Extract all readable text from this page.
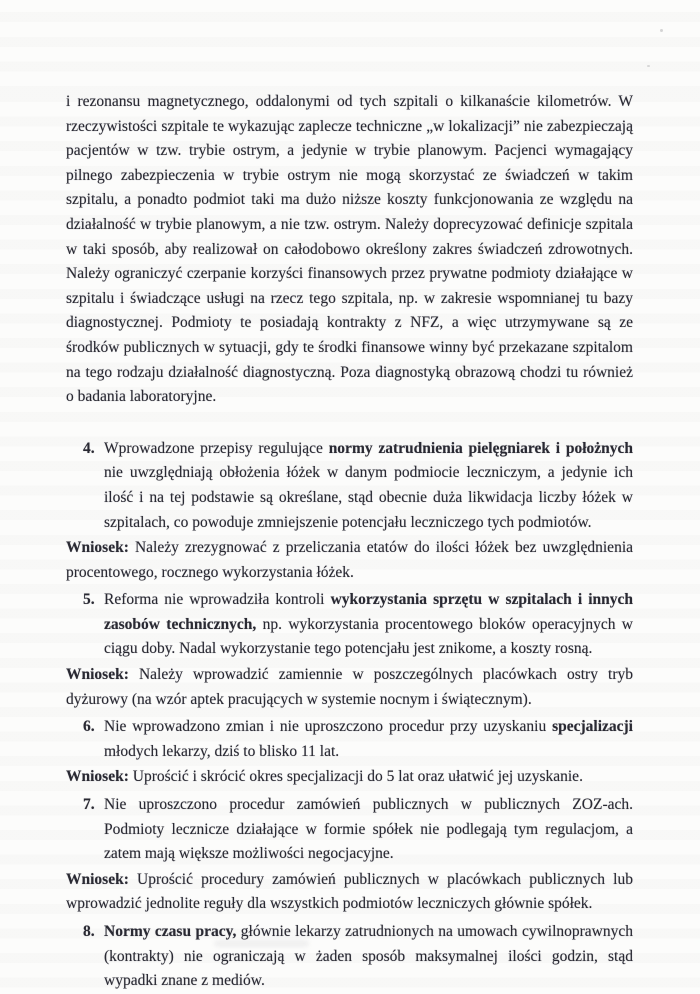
i rezonansu magnetycznego, oddalonymi od tych szpitali o kilkanaście kilometrów. W rzeczywistości szpitale te wykazując zaplecze techniczne „w lokalizacji” nie zabezpieczają pacjentów w tzw. trybie ostrym, a jedynie w trybie planowym. Pacjenci wymagający pilnego zabezpieczenia w trybie ostrym nie mogą skorzystać ze świadczeń w takim szpitalu, a ponadto podmiot taki ma dużo niższe koszty funkcjonowania ze względu na działalność w trybie planowym, a nie tzw. ostrym. Należy doprecyzować definicje szpitala w taki sposób, aby realizował on całodobowo określony zakres świadczeń zdrowotnych. Należy ograniczyć czerpanie korzyści finansowych przez prywatne podmioty działające w szpitalu i świadczące usługi na rzecz tego szpitala, np. w zakresie wspomnianej tu bazy diagnostycznej. Podmioty te posiadają kontrakty z NFZ, a więc utrzymywane są ze środków publicznych w sytuacji, gdy te środki finansowe winny być przekazane szpitalom na tego rodzaju działalność diagnostyczną. Poza diagnostyką obrazową chodzi tu również o badania laboratoryjne.

4. Wprowadzone przepisy regulujące normy zatrudnienia pielęgniarek i położnych nie uwzględniają obłożenia łóżek w danym podmiocie leczniczym, a jedynie ich ilość i na tej podstawie są określane, stąd obecnie duża likwidacja liczby łóżek w szpitalach, co powoduje zmniejszenie potencjału leczniczego tych podmiotów.

Wniosek: Należy zrezygnować z przeliczania etatów do ilości łóżek bez uwzględnienia procentowego, rocznego wykorzystania łóżek.

5. Reforma nie wprowadziła kontroli wykorzystania sprzętu w szpitalach i innych zasobów technicznych, np. wykorzystania procentowego bloków operacyjnych w ciągu doby. Nadal wykorzystanie tego potencjału jest znikome, a koszty rosną.

Wniosek: Należy wprowadzić zamiennie w poszczególnych placówkach ostry tryb dyżurowy (na wzór aptek pracujących w systemie nocnym i świątecznym).

6. Nie wprowadzono zmian i nie uproszczono procedur przy uzyskaniu specjalizacji młodych lekarzy, dziś to blisko 11 lat.

Wniosek: Uprościć i skrócić okres specjalizacji do 5 lat oraz ułatwić jej uzyskanie.

7. Nie uproszczono procedur zamówień publicznych w publicznych ZOZ-ach. Podmioty lecznicze działające w formie spółek nie podlegają tym regulacjom, a zatem mają większe możliwości negocjacyjne.

Wniosek: Uprościć procedury zamówień publicznych w placówkach publicznych lub wprowadzić jednolite reguły dla wszystkich podmiotów leczniczych głównie spółek.

8. Normy czasu pracy, głównie lekarzy zatrudnionych na umowach cywilnoprawnych (kontrakty) nie ograniczają w żaden sposób maksymalnej ilości godzin, stąd wypadki znane z mediów.
